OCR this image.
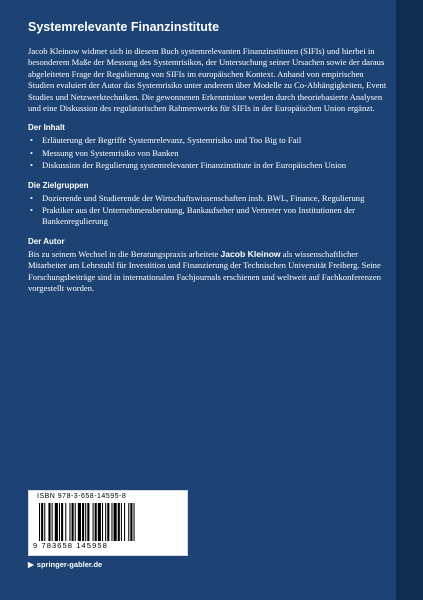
Systemrelevante Finanzinstitute

Jacob Kleinow widmet sich in diesem Buch systemrelevanten Finanzinstituten (SIFIs) und hierbei in besonderem Maße der Messung des Systemrisikos, der Untersuchung seiner Ursachen sowie der daraus abgeleiteten Frage der Regulierung von SIFIs im europäischen Kontext. Anhand von empirischen Studien evaluiert der Autor das Systemrisiko unter anderem über Modelle zu Co-Abhängigkeiten, Event Studies und Netzwerktechniken. Die gewonnenen Erkenntnisse werden durch theoriebasierte Analysen und eine Diskussion des regulatorischen Rahmenwerks für SIFIs in der Europäischen Union ergänzt.

Der Inhalt
• Erläuterung der Begriffe Systemrelevanz, Systemrisiko und Too Big to Fail
• Messung von Systemrisiko von Banken
• Diskussion der Regulierung systemrelevanter Finanzinstitute in der Europäischen Union
Die Zielgruppen
• Dozierende und Studierende der Wirtschaftswissenschaften insb. BWL, Finance, Regulierung
• Praktiker aus der Unternehmensberatung, Bankaufseher und Vertreter von Institutionen der Bankenregulierung
Der Autor

Bis zu seinem Wechsel in die Beratungspraxis arbeitete Jacob Kleinow als wissenschaftlicher Mitarbeiter am Lehrstuhl für Investition und Finanzierung der Technischen Universität Freiberg. Seine Forschungsbeiträge sind in internationalen Fachjournals erschienen und weltweit auf Fachkonferenzen vorgestellt worden.

ISBN 978-3-658-14595-8
9 783658 145958
▶ springer-gabler.de
